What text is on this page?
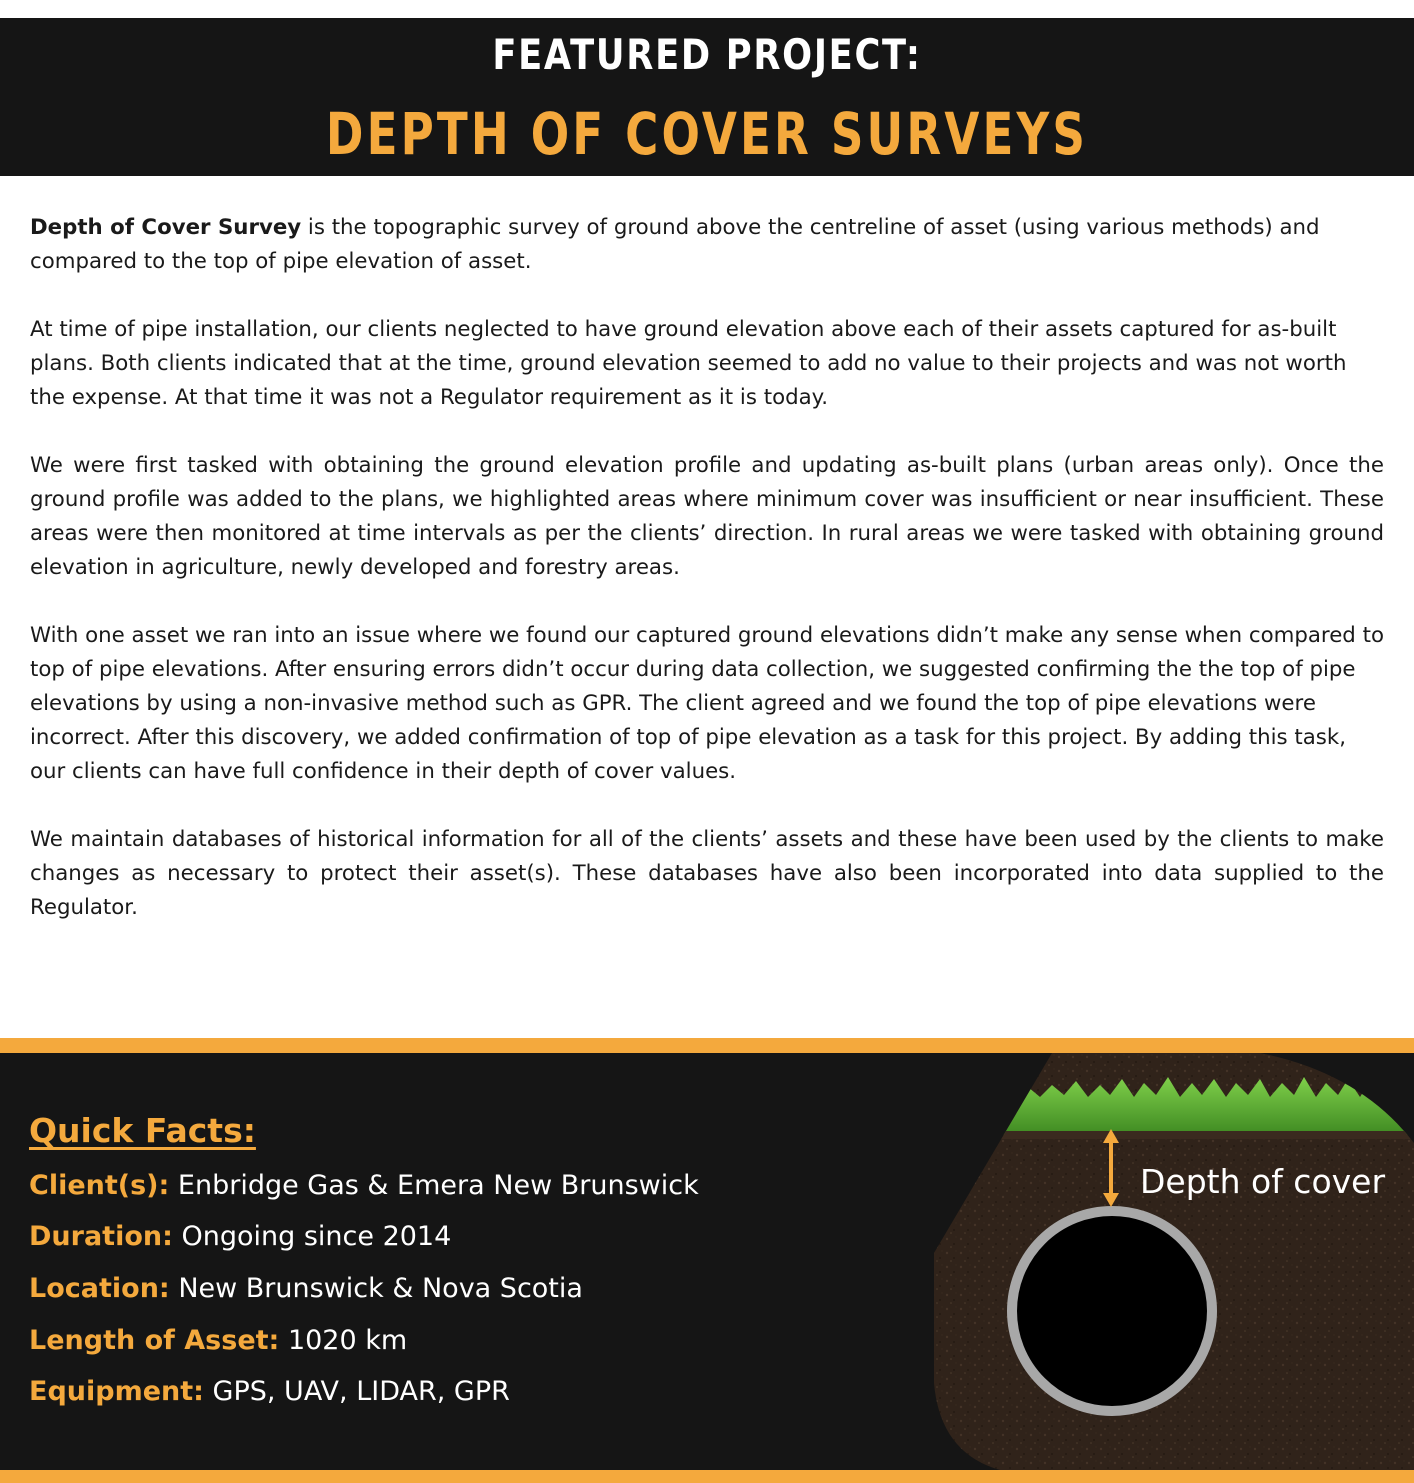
FEATURED PROJECT:
DEPTH OF COVER SURVEYS

Depth of Cover Survey is the topographic survey of ground above the centreline of asset (using various methods) and compared to the top of pipe elevation of asset.

At time of pipe installation, our clients neglected to have ground elevation above each of their assets captured for as-built plans. Both clients indicated that at the time, ground elevation seemed to add no value to their projects and was not worth the expense. At that time it was not a Regulator requirement as it is today.

We were first tasked with obtaining the ground elevation profile and updating as-built plans (urban areas only). Once the ground profile was added to the plans, we highlighted areas where minimum cover was insufficient or near insufficient. These areas were then monitored at time intervals as per the clients’ direction. In rural areas we were tasked with obtaining ground elevation in agriculture, newly developed and forestry areas.

With one asset we ran into an issue where we found our captured ground elevations didn’t make any sense when compared to top of pipe elevations. After ensuring errors didn’t occur during data collection, we suggested confirming the the top of pipe elevations by using a non-invasive method such as GPR. The client agreed and we found the top of pipe elevations were incorrect. After this discovery, we added confirmation of top of pipe elevation as a task for this project. By adding this task, our clients can have full confidence in their depth of cover values.

We maintain databases of historical information for all of the clients’ assets and these have been used by the clients to make changes as necessary to protect their asset(s). These databases have also been incorporated into data supplied to the Regulator.

Quick Facts:
Client(s): Enbridge Gas & Emera New Brunswick
Duration: Ongoing since 2014
Location: New Brunswick & Nova Scotia
Length of Asset: 1020 km
Equipment: GPS, UAV, LIDAR, GPR
Depth of cover
